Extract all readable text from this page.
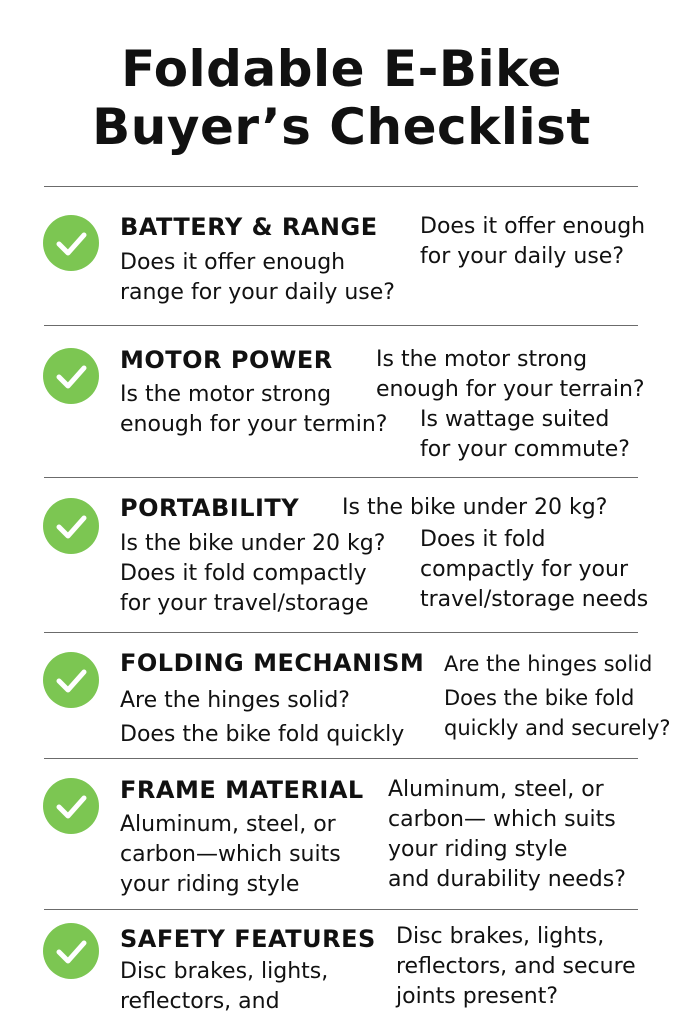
Foldable E-Bike
Buyer’s Checklist
BATTERY & RANGE
Does it offer enough
range for your daily use?
Does it offer enough
for your daily use?
MOTOR POWER
Is the motor strong
enough for your termin?
Is the motor strong
enough for your terrain?
Is wattage suited
for your commute?
PORTABILITY
Is the bike under 20 kg?
Does it fold compactly
for your travel/storage
Is the bike under 20 kg?
Does it fold
compactly for your
travel/storage needs
FOLDING MECHANISM
Are the hinges solid?
Does the bike fold quickly
Are the hinges solid
Does the bike fold
quickly and securely?
FRAME MATERIAL
Aluminum, steel, or
carbon—which suits
your riding style
Aluminum, steel, or
carbon— which suits
your riding style
and durability needs?
SAFETY FEATURES
Disc brakes, lights,
reflectors, and
Disc brakes, lights,
reflectors, and secure
joints present?
